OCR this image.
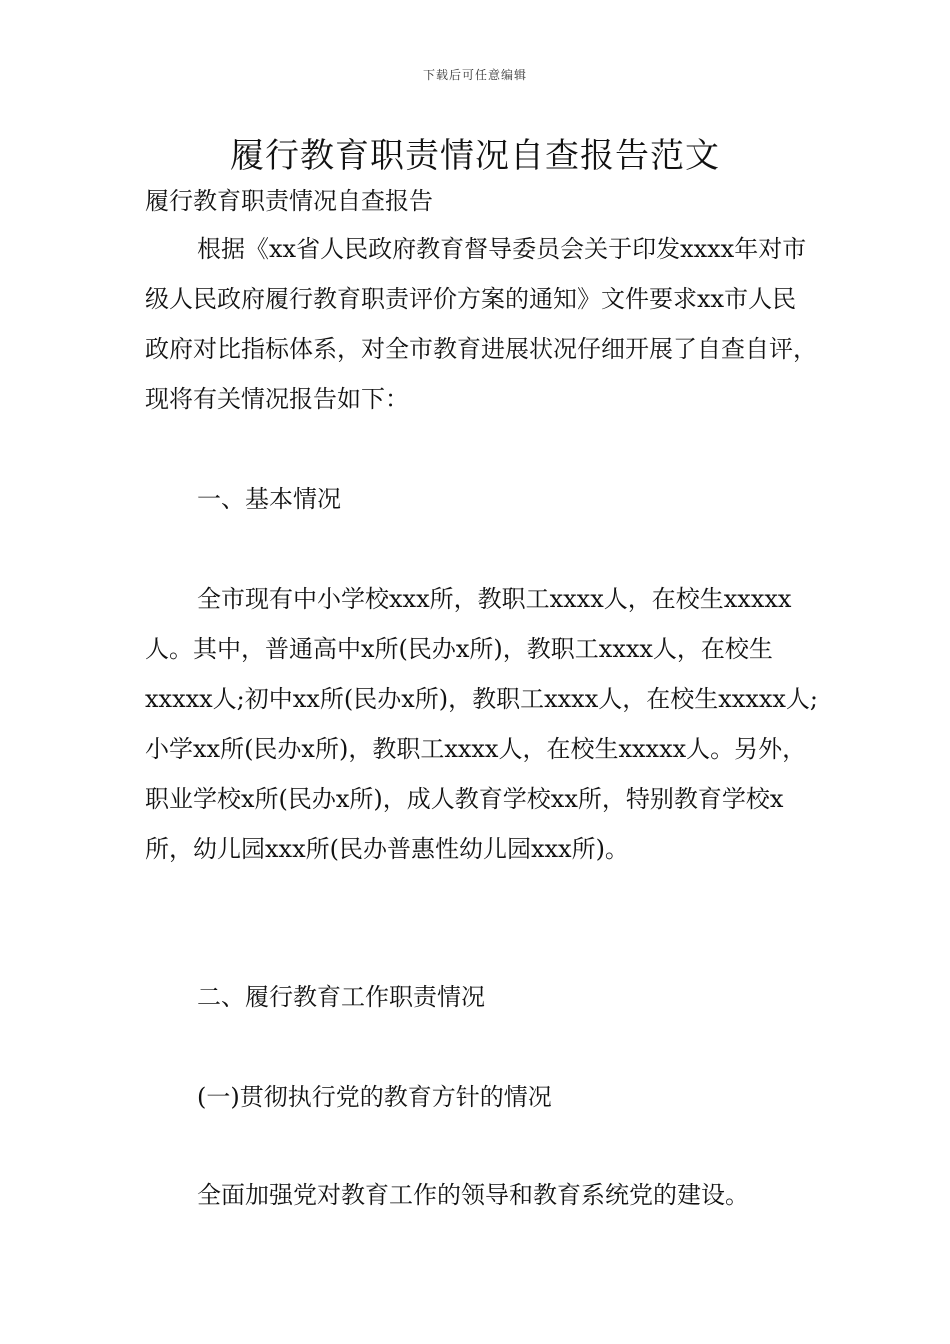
下载后可任意编辑
履行教育职责情况自查报告范文

履行教育职责情况自查报告

根据《xx省人民政府教育督导委员会关于印发xxxx年对市级人民政府履行教育职责评价方案的通知》文件要求xx市人民政府对比指标体系，对全市教育进展状况仔细开展了自查自评，现将有关情况报告如下：

一、基本情况

全市现有中小学校xxx所，教职工xxxx人，在校生xxxxx人。其中，普通高中x所(民办x所)，教职工xxxx人，在校生xxxxx人;初中xx所(民办x所)，教职工xxxx人，在校生xxxxx人;小学xx所(民办x所)，教职工xxxx人，在校生xxxxx人。另外，职业学校x所(民办x所)，成人教育学校xx所，特别教育学校x所，幼儿园xxx所(民办普惠性幼儿园xxx所)。

二、履行教育工作职责情况

(一)贯彻执行党的教育方针的情况

全面加强党对教育工作的领导和教育系统党的建设。
